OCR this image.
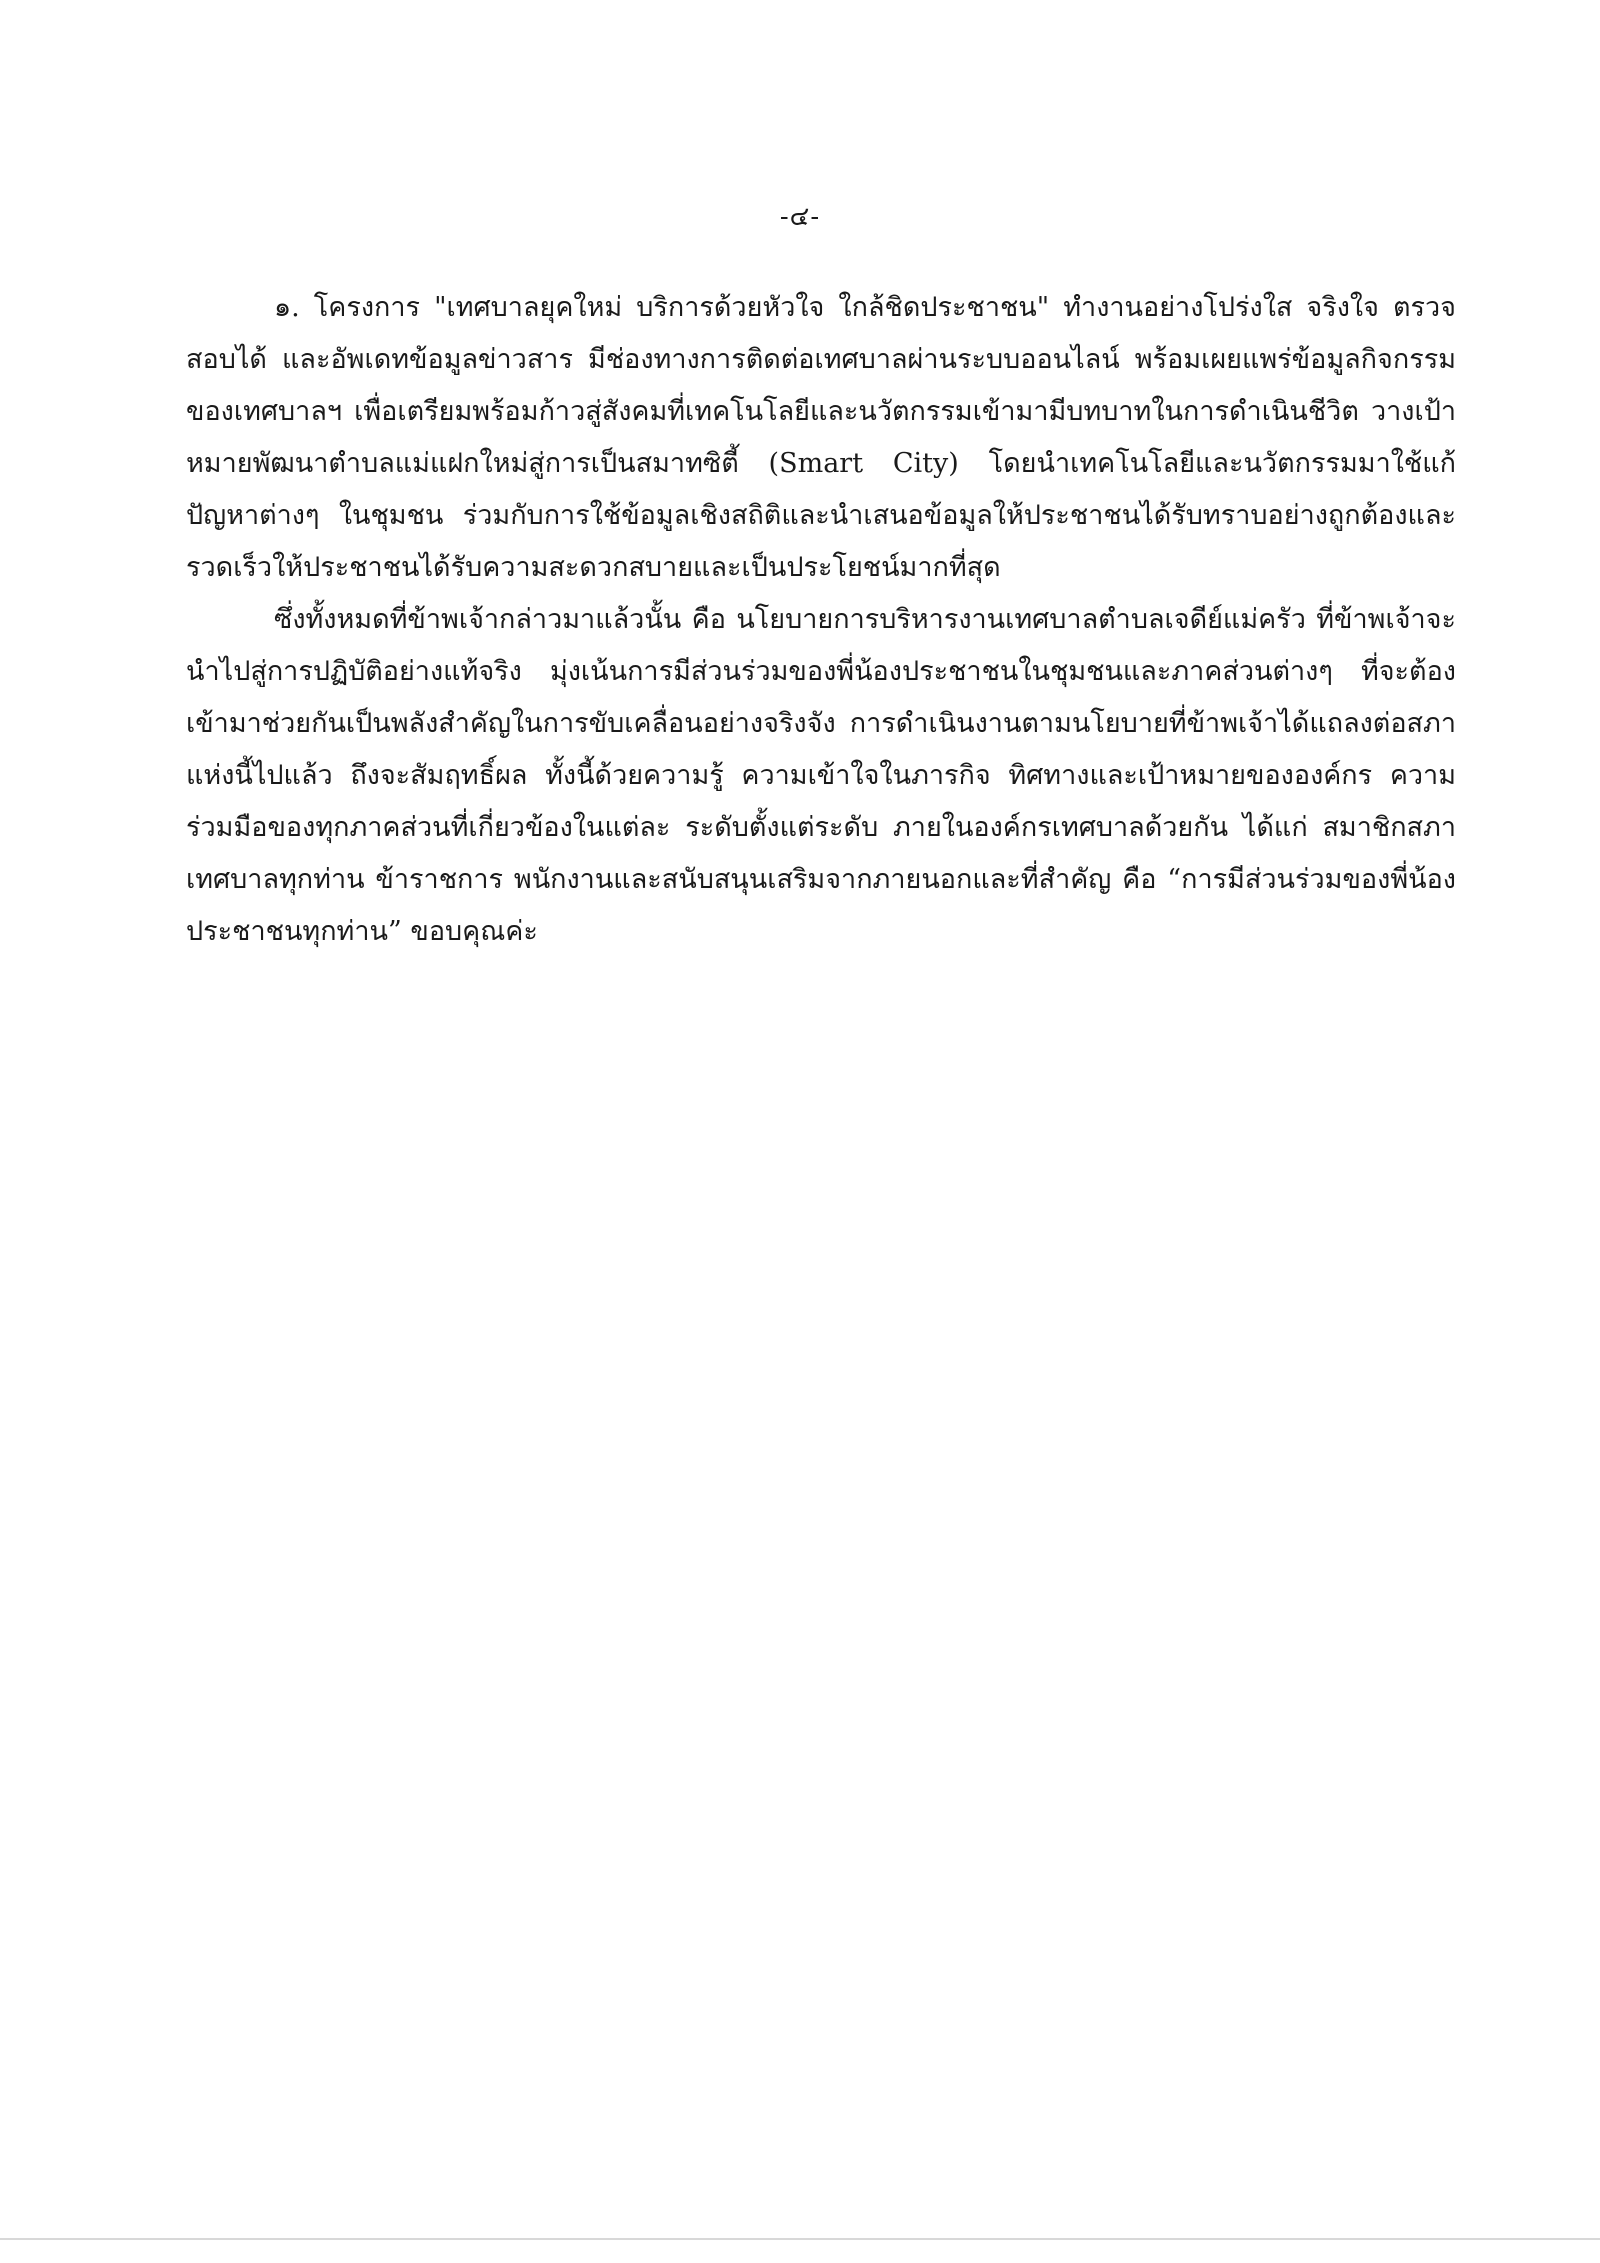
-๔-

๑. โครงการ "เทศบาลยุคใหม่ บริการด้วยหัวใจ ใกล้ชิดประชาชน" ทำงานอย่างโปร่งใส จริงใจ ตรวจสอบได้ และอัพเดทข้อมูลข่าวสาร มีช่องทางการติดต่อเทศบาลผ่านระบบออนไลน์ พร้อมเผยแพร่ข้อมูลกิจกรรมของเทศบาลฯ เพื่อเตรียมพร้อมก้าวสู่สังคมที่เทคโนโลยีและนวัตกรรมเข้ามามีบทบาทในการดำเนินชีวิต วางเป้าหมายพัฒนาตำบลแม่แฝกใหม่สู่การเป็นสมาทซิตี้ (Smart City) โดยนำเทคโนโลยีและนวัตกรรมมาใช้แก้ปัญหาต่างๆ ในชุมชน ร่วมกับการใช้ข้อมูลเชิงสถิติและนำเสนอข้อมูลให้ประชาชนได้รับทราบอย่างถูกต้องและรวดเร็วให้ประชาชนได้รับความสะดวกสบายและเป็นประโยชน์มากที่สุด

ซึ่งทั้งหมดที่ข้าพเจ้ากล่าวมาแล้วนั้น คือ นโยบายการบริหารงานเทศบาลตำบลเจดีย์แม่ครัว ที่ข้าพเจ้าจะนำไปสู่การปฏิบัติอย่างแท้จริง มุ่งเน้นการมีส่วนร่วมของพี่น้องประชาชนในชุมชนและภาคส่วนต่างๆ ที่จะต้องเข้ามาช่วยกันเป็นพลังสำคัญในการขับเคลื่อนอย่างจริงจัง การดำเนินงานตามนโยบายที่ข้าพเจ้าได้แถลงต่อสภาแห่งนี้ไปแล้ว ถึงจะสัมฤทธิ์ผล ทั้งนี้ด้วยความรู้ ความเข้าใจในภารกิจ ทิศทางและเป้าหมายขององค์กร ความร่วมมือของทุกภาคส่วนที่เกี่ยวข้องในแต่ละ ระดับตั้งแต่ระดับ ภายในองค์กรเทศบาลด้วยกัน ได้แก่ สมาชิกสภาเทศบาลทุกท่าน ข้าราชการ พนักงานและสนับสนุนเสริมจากภายนอกและที่สำคัญ คือ “การมีส่วนร่วมของพี่น้องประชาชนทุกท่าน” ขอบคุณค่ะ
